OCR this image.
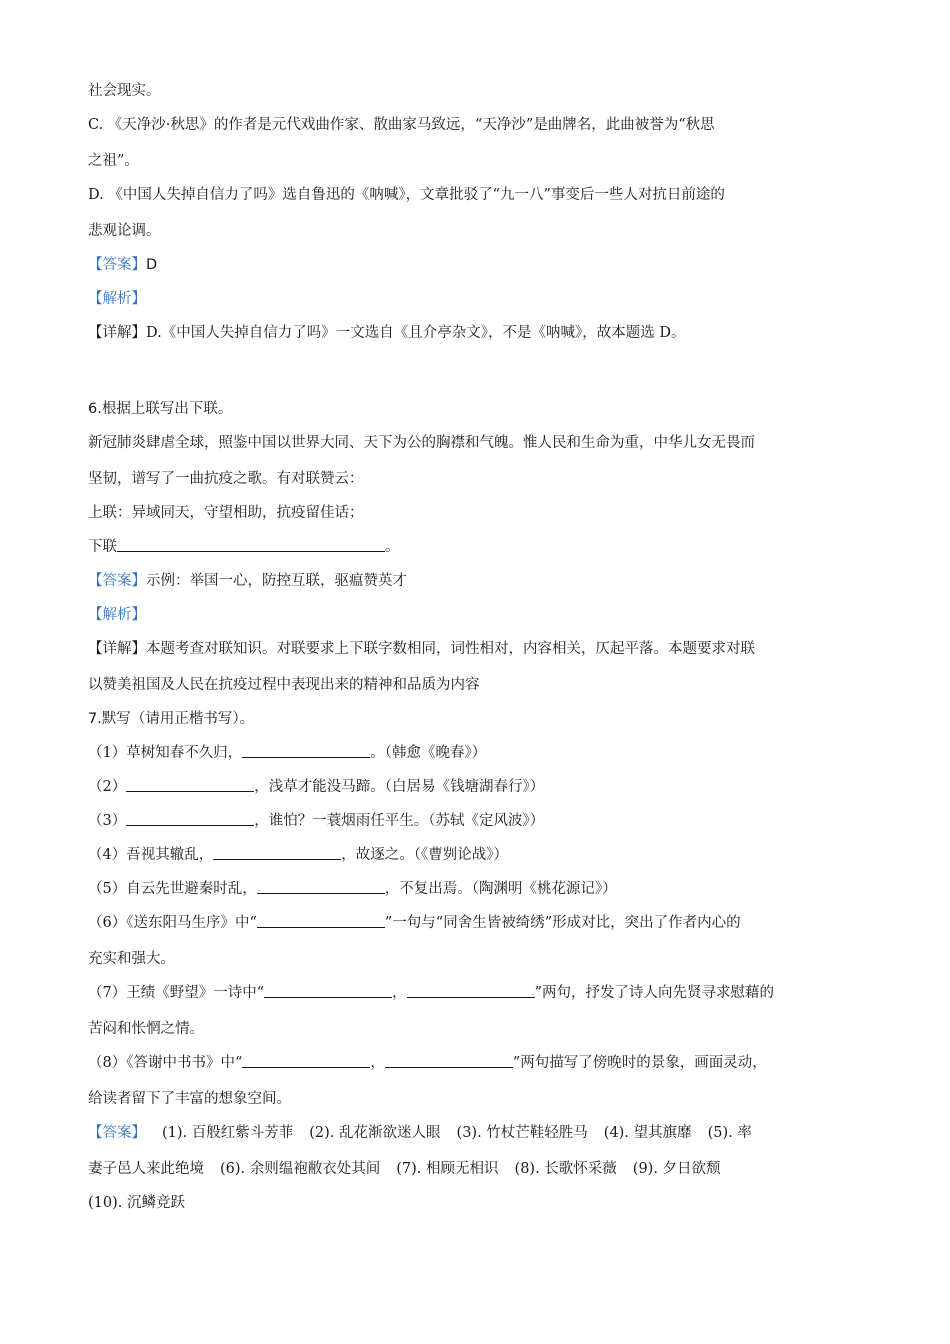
社会现实。
C. 《天净沙·秋思》的作者是元代戏曲作家、散曲家马致远，“天净沙”是曲牌名，此曲被誉为“秋思
之祖”。
D. 《中国人失掉自信力了吗》选自鲁迅的《呐喊》，文章批驳了“九一八”事变后一些人对抗日前途的
悲观论调。
【答案】D
【解析】
【详解】D.《中国人失掉自信力了吗》一文选自《且介亭杂文》，不是《呐喊》，故本题选 D。
6.根据上联写出下联。
新冠肺炎肆虐全球，照鉴中国以世界大同、天下为公的胸襟和气魄。惟人民和生命为重，中华儿女无畏而
坚韧，谱写了一曲抗疫之歌。有对联赞云：
上联：异域同天，守望相助，抗疫留佳话；
下联	。
【答案】示例：举国一心，防控互联，驱瘟赞英才
【解析】
【详解】本题考查对联知识。对联要求上下联字数相同，词性相对，内容相关，仄起平落。本题要求对联
以赞美祖国及人民在抗疫过程中表现出来的精神和品质为内容
7.默写（请用正楷书写）。
（1）草树知春不久归，	。（韩愈《晚春》）
（2）	，浅草才能没马蹄。（白居易《钱塘湖春行》）
（3）	，谁怕？一蓑烟雨任平生。（苏轼《定风波》）
（4）吾视其辙乱，	，故逐之。（《曹刿论战》）
（5）自云先世避秦时乱，	，不复出焉。（陶渊明《桃花源记》）
（6）《送东阳马生序》中“	”一句与“同舍生皆被绮绣”形成对比，突出了作者内心的
充实和强大。
（7）王绩《野望》一诗中“	，	”两句，抒发了诗人向先贤寻求慰藉的
苦闷和怅惘之情。
（8）《答谢中书书》中“	，	”两句描写了傍晚时的景象，画面灵动，
给读者留下了丰富的想象空间。
【答案】 (1). 百般红紫斗芳菲 (2). 乱花渐欲迷人眼 (3). 竹杖芒鞋轻胜马 (4). 望其旗靡 (5). 率
妻子邑人来此绝境 (6). 余则缊袍敝衣处其间 (7). 相顾无相识 (8). 长歌怀采薇 (9). 夕日欲颓
(10). 沉鳞竞跃
